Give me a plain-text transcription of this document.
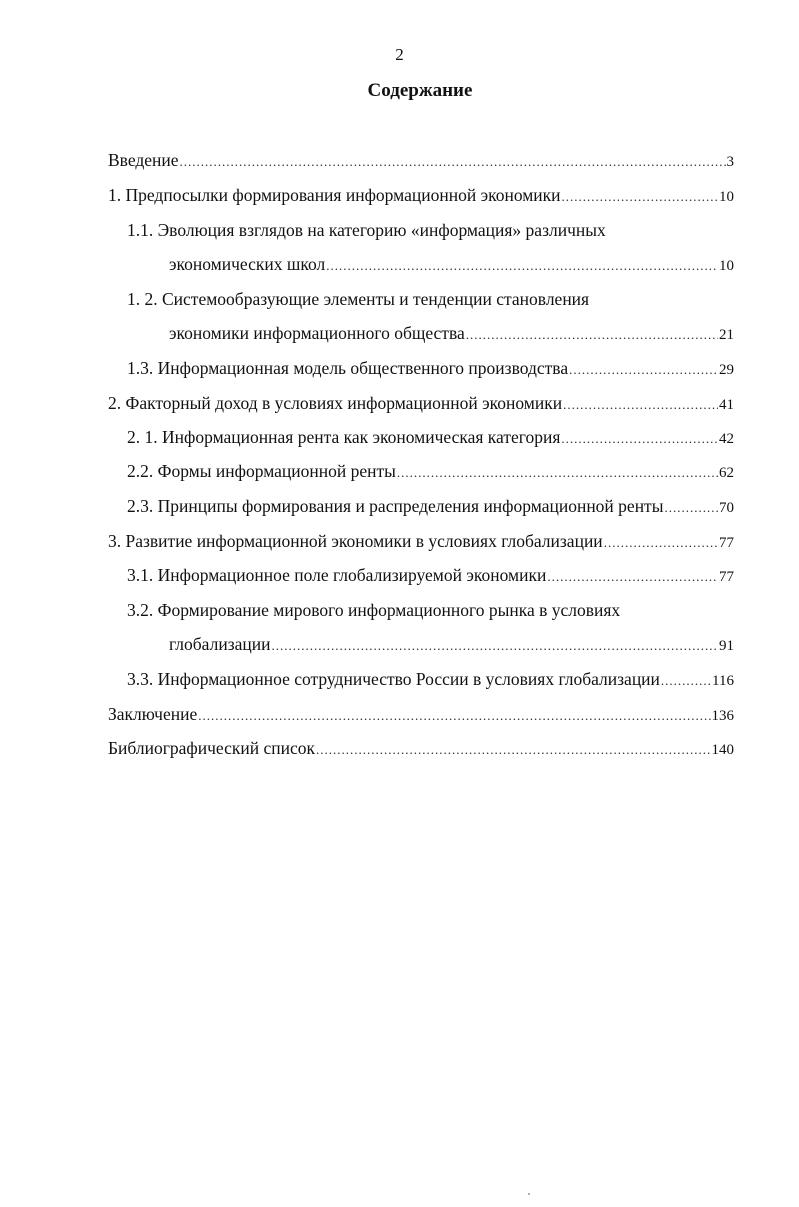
2
Содержание
Введение .....	3
1. Предпосылки формирования информационной экономики .....	10
1.1. Эволюция взглядов на категорию «информация» различных
экономических школ .....	10
1. 2. Системообразующие элементы и тенденции становления
экономики информационного общества .....	21
1.3. Информационная модель общественного производства .....	29
2. Факторный доход в условиях информационной экономики .....	41
2. 1. Информационная рента как экономическая категория .....	42
2.2. Формы информационной ренты .....	62
2.3. Принципы формирования и распределения информационной ренты .....	70
3. Развитие информационной экономики в условиях глобализации .....	77
3.1. Информационное поле глобализируемой экономики .....	77
3.2. Формирование мирового информационного рынка в условиях
глобализации .....	91
3.3. Информационное сотрудничество России в условиях глобализации .....	116
Заключение .....	136
Библиографический список .....	140
